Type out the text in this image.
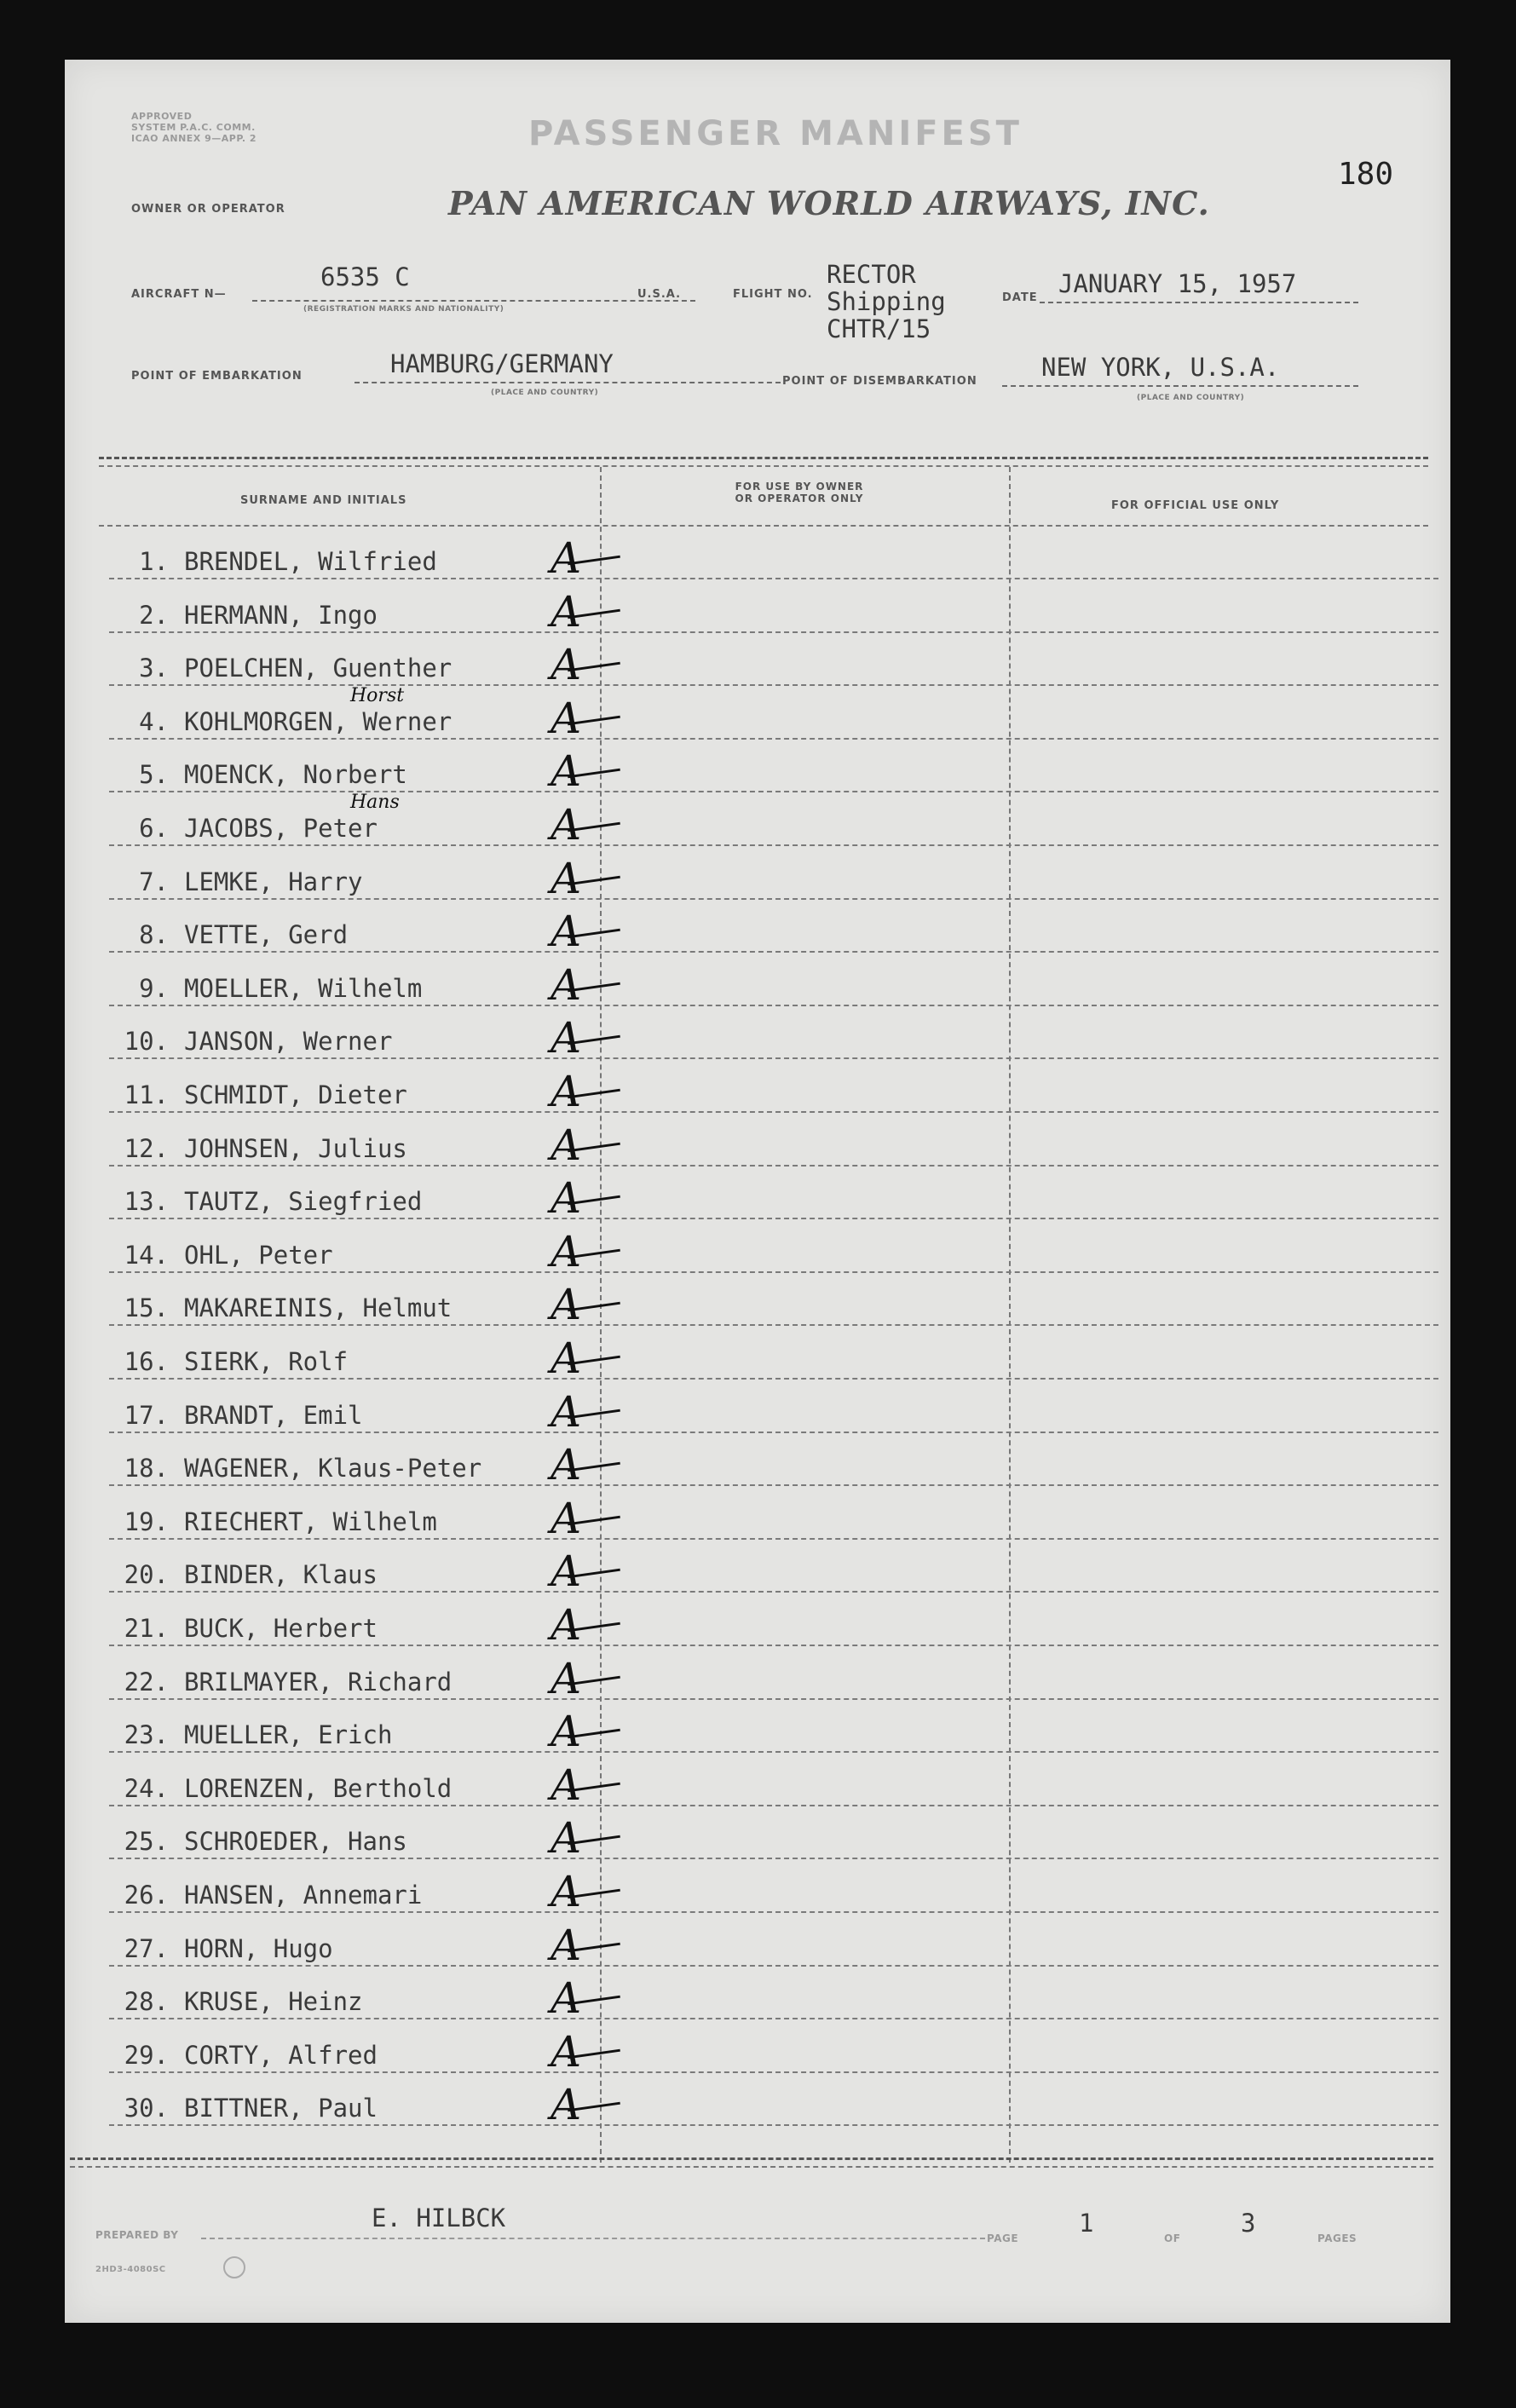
APPROVED
SYSTEM P.A.C. COMM.
ICAO ANNEX 9—APP. 2	PASSENGER MANIFEST
180
OWNER OR OPERATOR	PAN AMERICAN WORLD AIRWAYS, INC.
AIRCRAFT N—
6535 C
(REGISTRATION MARKS AND NATIONALITY)
U.S.A.	FLIGHT NO.
RECTOR
Shipping
CHTR/15
DATE JANUARY 15, 1957
POINT OF EMBARKATION	HAMBURG/GERMANY
(PLACE AND COUNTRY)
POINT OF DISEMBARKATION	NEW YORK, U.S.A.
(PLACE AND COUNTRY)
SURNAME AND INITIALS
FOR USE BY OWNER
OR OPERATOR ONLY
FOR OFFICIAL USE ONLY
1. BRENDEL, Wilfried	A
2. HERMANN, Ingo	A
3. POELCHEN, Guenther A
4. KOHLMORGEN, Werner
Horst	A
5. MOENCK, Norbert	A
6. JACOBS, Peter
Hans	A
7. LEMKE, Harry	A
8. VETTE, Gerd	A
9. MOELLER, Wilhelm	A
10. JANSON, Werner	A
11. SCHMIDT, Dieter	A
12. JOHNSEN, Julius	A
13. TAUTZ, Siegfried	A
14. OHL, Peter	A
15. MAKAREINIS, Helmut A
16. SIERK, Rolf	A
17. BRANDT, Emil	A
18. WAGENER, Klaus-Peter A
19. RIECHERT, Wilhelm	A
20. BINDER, Klaus	A
21. BUCK, Herbert	A
22. BRILMAYER, Richard A
23. MUELLER, Erich	A
24. LORENZEN, Berthold A
25. SCHROEDER, Hans	A
26. HANSEN, Annemari	A
27. HORN, Hugo	A
28. KRUSE, Heinz	A
29. CORTY, Alfred	A
30. BITTNER, Paul	A
PREPARED BY
E. HILBCK
PAGE
1
OF
3
PAGES
2HD3-4080SC
